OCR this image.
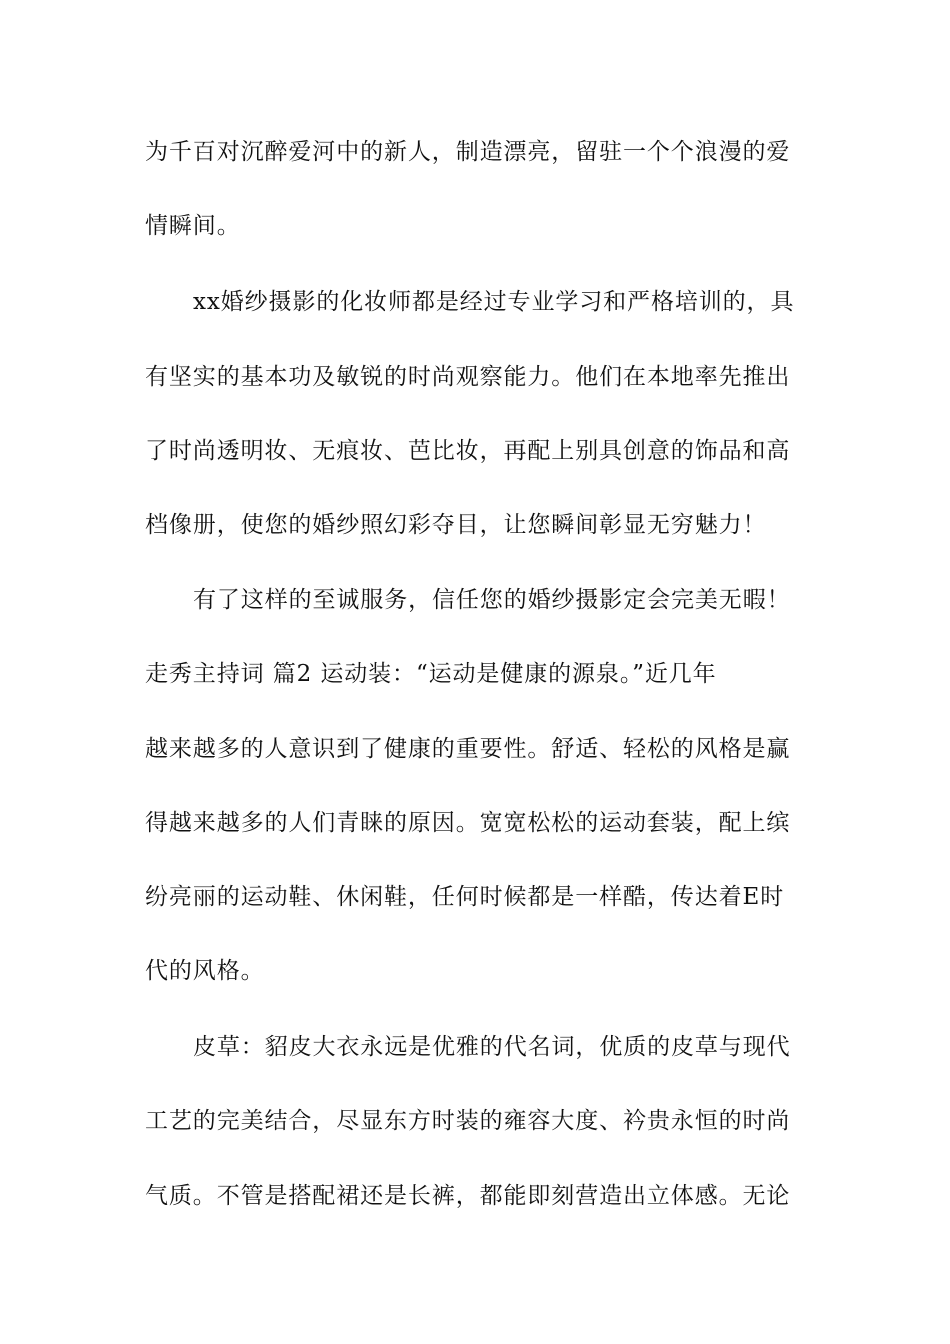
为千百对沉醉爱河中的新人，制造漂亮，留驻一个个浪漫的爱
情瞬间。
xx婚纱摄影的化妆师都是经过专业学习和严格培训的，具
有坚实的基本功及敏锐的时尚观察能力。他们在本地率先推出
了时尚透明妆、无痕妆、芭比妆，再配上别具创意的饰品和高
档像册，使您的婚纱照幻彩夺目，让您瞬间彰显无穷魅力！
有了这样的至诚服务，信任您的婚纱摄影定会完美无暇！
走秀主持词 篇2 运动装：“运动是健康的源泉。”近几年
越来越多的人意识到了健康的重要性。舒适、轻松的风格是赢
得越来越多的人们青睐的原因。宽宽松松的运动套装，配上缤
纷亮丽的运动鞋、休闲鞋，任何时候都是一样酷，传达着E时
代的风格。
皮草：貂皮大衣永远是优雅的代名词，优质的皮草与现代
工艺的完美结合，尽显东方时装的雍容大度、衿贵永恒的时尚
气质。不管是搭配裙还是长裤，都能即刻营造出立体感。无论
